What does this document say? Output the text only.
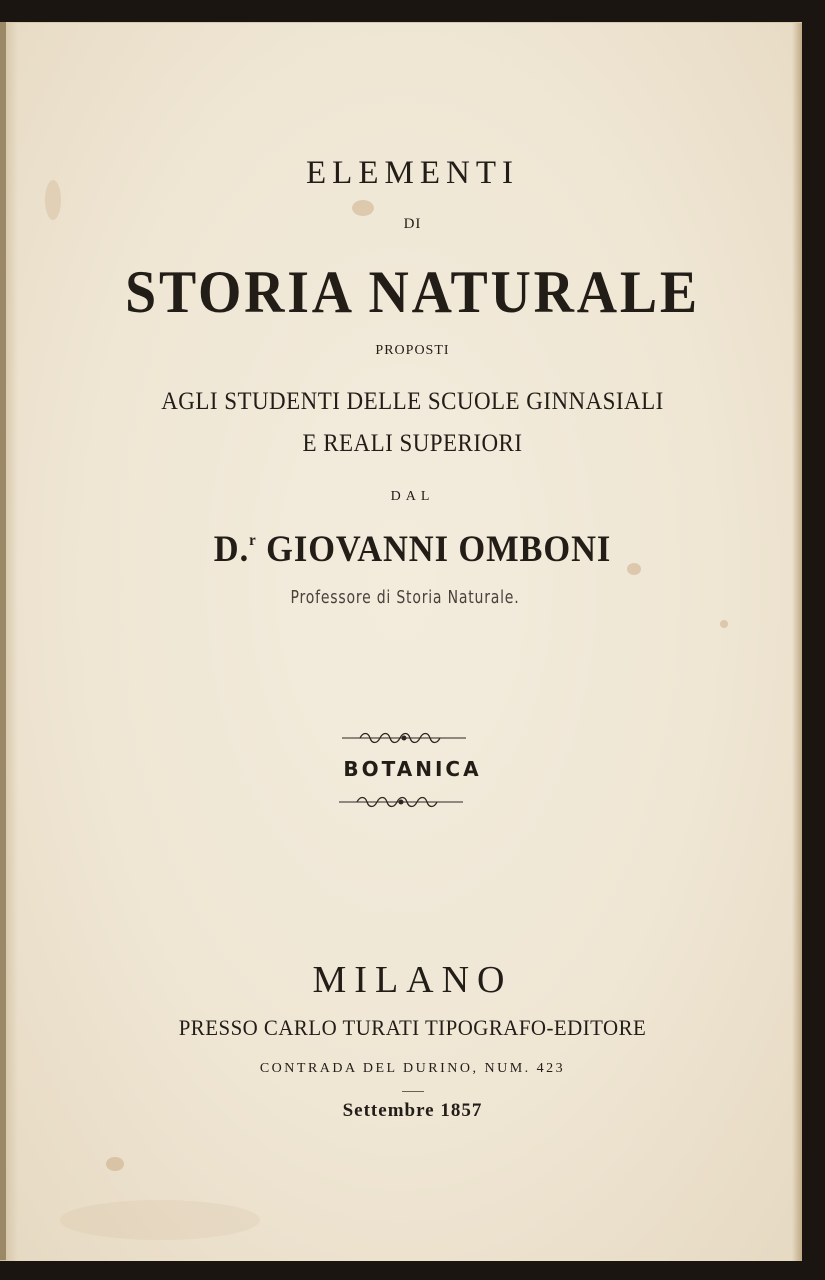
ELEMENTI
DI
STORIA NATURALE
PROPOSTI
AGLI STUDENTI DELLE SCUOLE GINNASIALI
E REALI SUPERIORI
DAL
D.$^r$ GIOVANNI OMBONI
Professore di Storia Naturale.
BOTANICA
MILANO
PRESSO CARLO TURATI TIPOGRAFO-EDITORE
CONTRADA DEL DURINO, NUM. 423
Settembre 1857
